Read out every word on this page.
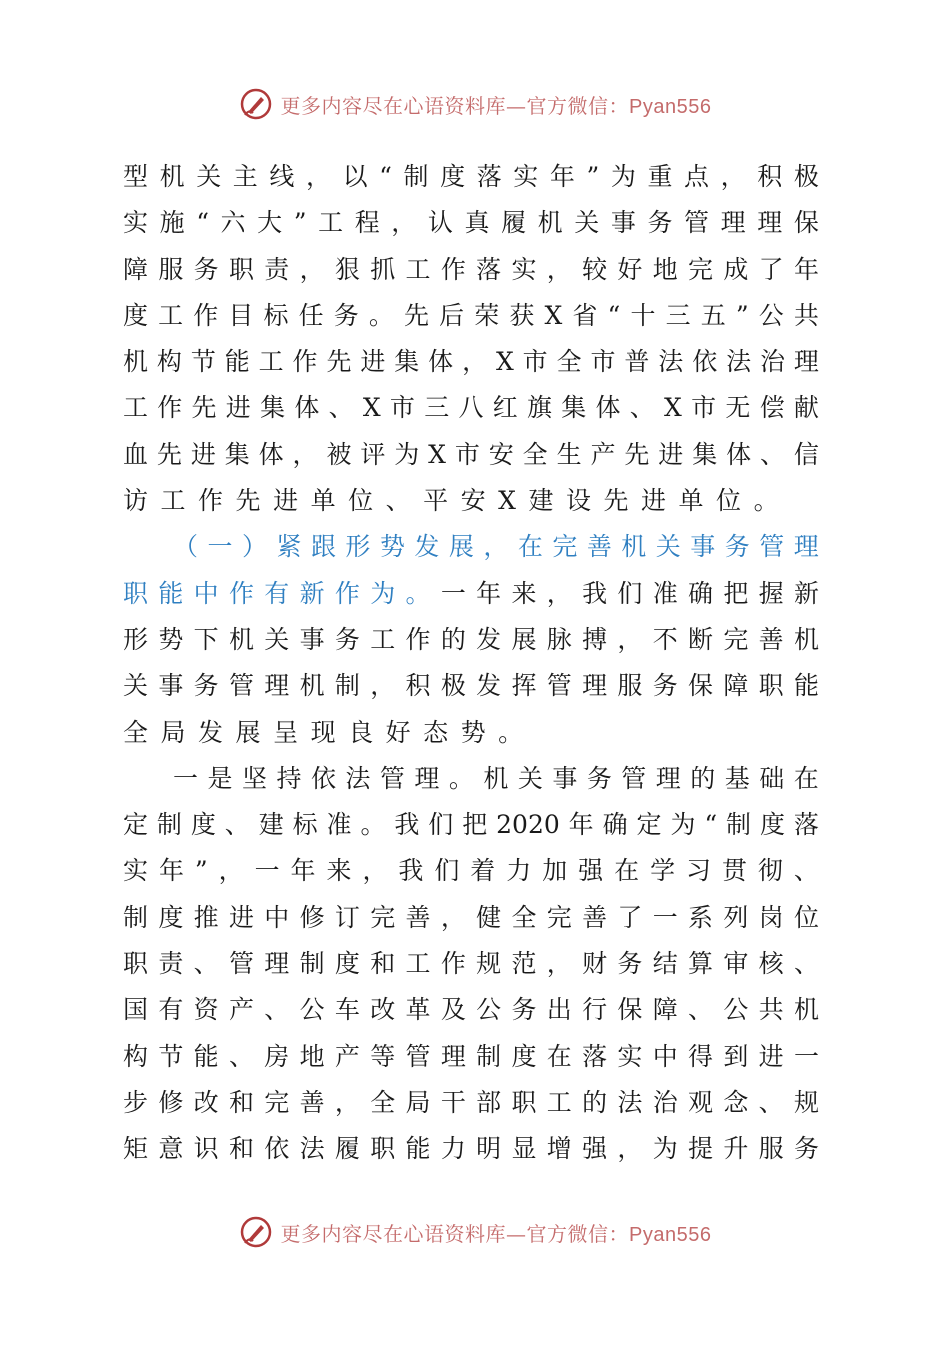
更多内容尽在心语资料库—官方微信：Pyan556
型 机 关 主 线 ， 以 “ 制 度 落 实 年 ” 为 重 点 ， 积 极
实 施 “ 六 大 ” 工 程 ， 认 真 履 机 关 事 务 管 理 理 保
障 服 务 职 责 ， 狠 抓 工 作 落 实 ， 较 好 地 完 成 了 年
度 工 作 目 标 任 务 。 先 后 荣 获 X 省 “ 十 三 五 ” 公 共
机 构 节 能 工 作 先 进 集 体 ， X 市 全 市 普 法 依 法 治 理
工 作 先 进 集 体 、 X 市 三 八 红 旗 集 体 、 X 市 无 偿 献
血 先 进 集 体 ， 被 评 为 X 市 安 全 生 产 先 进 集 体 、 信
访 工 作 先 进 单 位 、 平 安 X 建 设 先 进 单 位 。
（ 一 ） 紧 跟 形 势 发 展 ， 在 完 善 机 关 事 务 管 理
职 能 中 作 有 新 作 为 。 一 年 来 ， 我 们 准 确 把 握 新
形 势 下 机 关 事 务 工 作 的 发 展 脉 搏 ， 不 断 完 善 机
关 事 务 管 理 机 制 ， 积 极 发 挥 管 理 服 务 保 障 职 能
全 局 发 展 呈 现 良 好 态 势 。
一 是 坚 持 依 法 管 理 。 机 关 事 务 管 理 的 基 础 在
定 制 度 、 建 标 准 。 我 们 把 2020 年 确 定 为 “ 制 度 落
实 年 ” ， 一 年 来 ， 我 们 着 力 加 强 在 学 习 贯 彻 、
制 度 推 进 中 修 订 完 善 ， 健 全 完 善 了 一 系 列 岗 位
职 责 、 管 理 制 度 和 工 作 规 范 ， 财 务 结 算 审 核 、
国 有 资 产 、 公 车 改 革 及 公 务 出 行 保 障 、 公 共 机
构 节 能 、 房 地 产 等 管 理 制 度 在 落 实 中 得 到 进 一
步 修 改 和 完 善 ， 全 局 干 部 职 工 的 法 治 观 念 、 规
矩 意 识 和 依 法 履 职 能 力 明 显 增 强 ， 为 提 升 服 务
更多内容尽在心语资料库—官方微信：Pyan556
